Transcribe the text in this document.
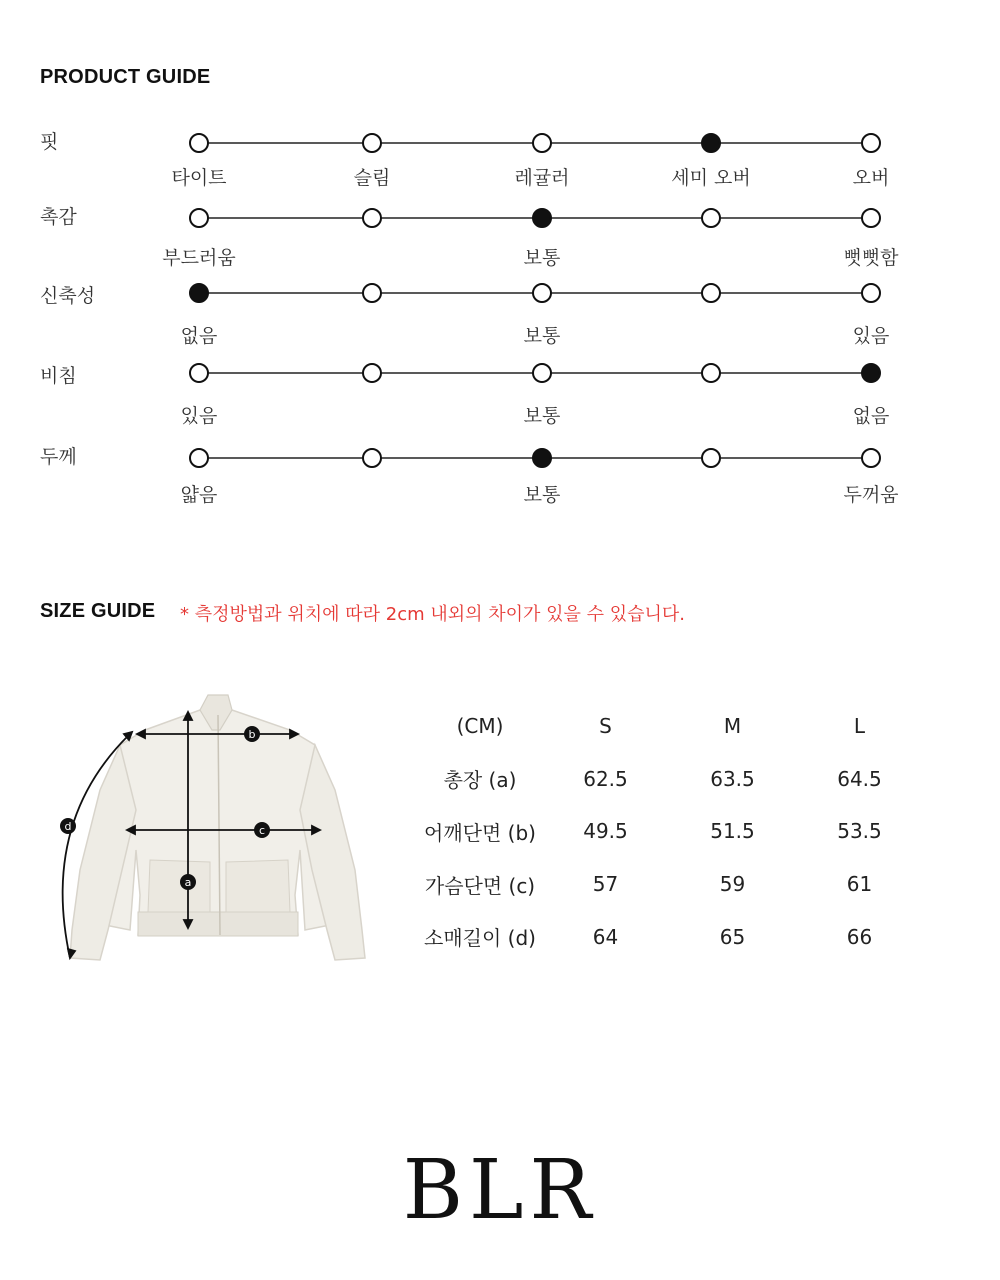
PRODUCT GUIDE
핏
타이트	슬림	레귤러	세미 오버	오버
촉감
부드러움	보통	뻣뻣함
신축성
없음	보통	있음
비침
있음	보통	없음
두께
얇음	보통	두꺼움
SIZE GUIDE * 측정방법과 위치에 따라 2cm 내외의 차이가 있을 수 있습니다.
b
c
a
d
(CM)	S	M	L
총장 (a)	62.5	63.5	64.5
어깨단면 (b)	49.5	51.5	53.5
가슴단면 (c)	57	59	61
소매길이 (d)	64	65	66
BLR
